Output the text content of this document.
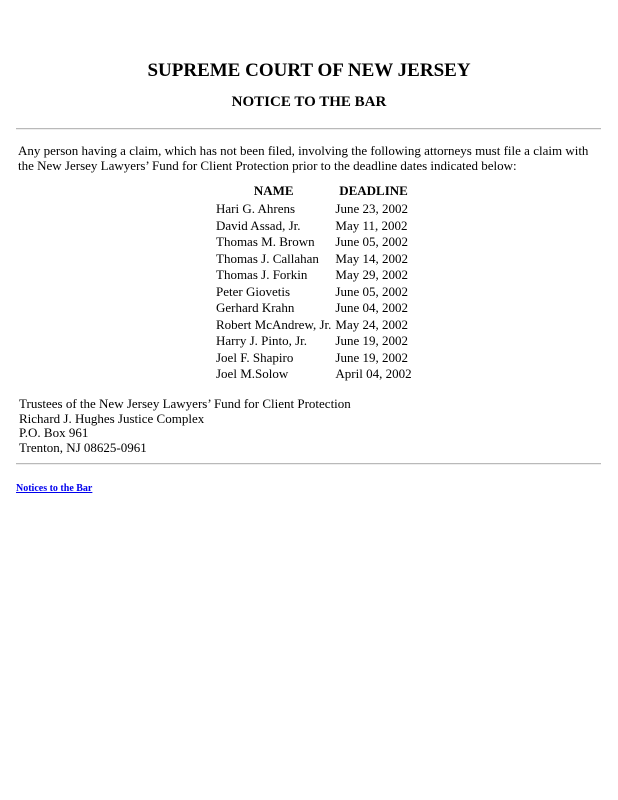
SUPREME COURT OF NEW JERSEY
NOTICE TO THE BAR

Any person having a claim, which has not been filed, involving the following attorneys must file a claim with the New Jersey Lawyers’ Fund for Client Protection prior to the deadline dates indicated below:

NAME	DEADLINE
Hari G. Ahrens	June 23, 2002
David Assad, Jr.	May 11, 2002
Thomas M. Brown	June 05, 2002
Thomas J. Callahan	May 14, 2002
Thomas J. Forkin	May 29, 2002
Peter Giovetis	June 05, 2002
Gerhard Krahn	June 04, 2002
Robert McAndrew, Jr.	May 24, 2002
Harry J. Pinto, Jr.	June 19, 2002
Joel F. Shapiro	June 19, 2002
Joel M.Solow	April 04, 2002
Trustees of the New Jersey Lawyers’ Fund for Client Protection
Richard J. Hughes Justice Complex
P.O. Box 961
Trenton, NJ 08625-0961
Notices to the Bar
